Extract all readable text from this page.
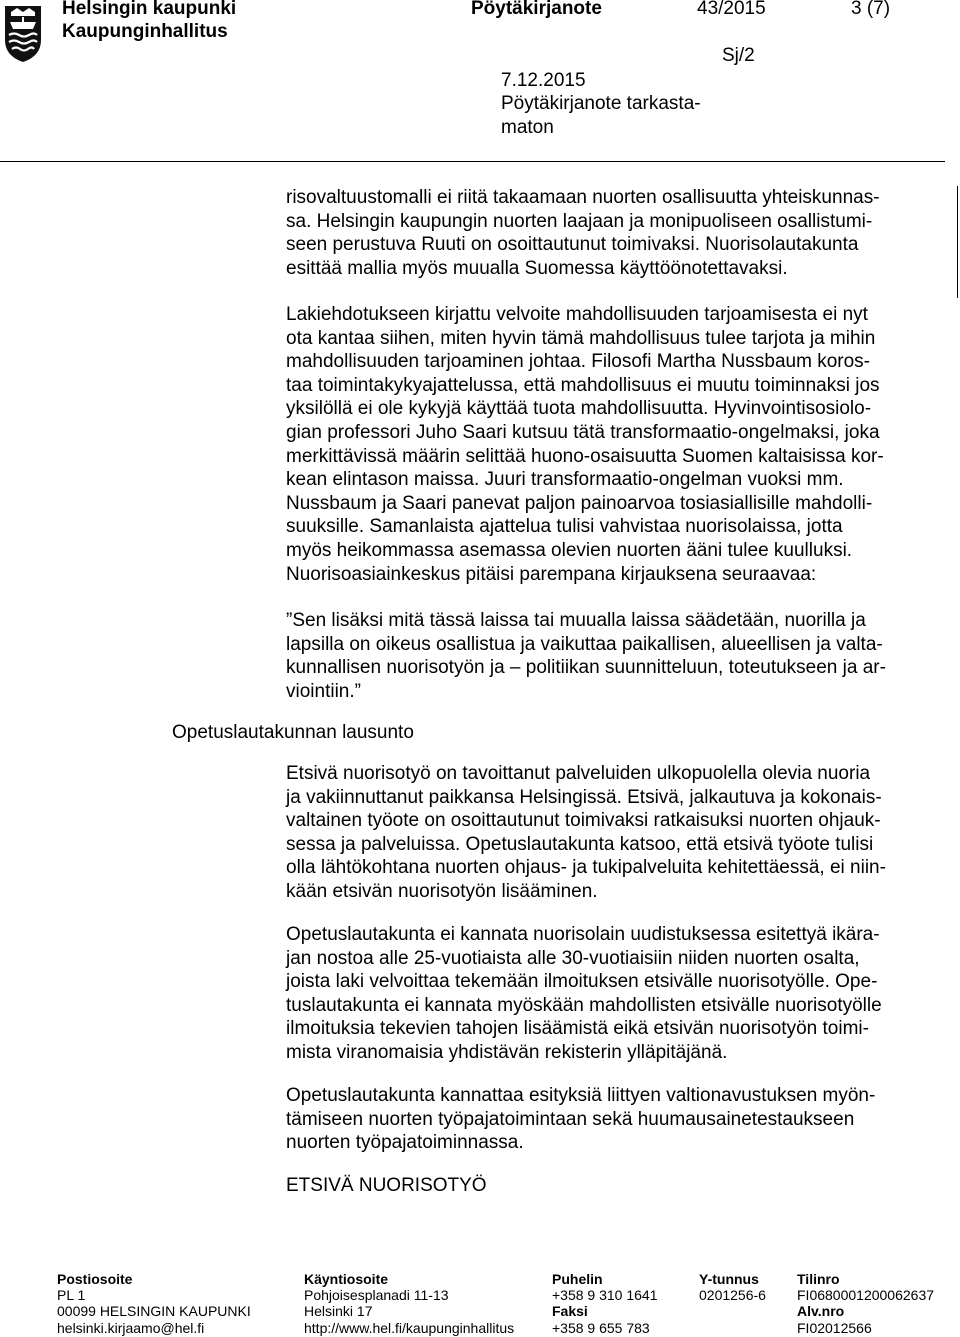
Helsingin kaupunki
Kaupunginhallitus
Pöytäkirjanote	43/2015	3 (7)
Sj/2
7.12.2015
Pöytäkirjanote tarkasta-
maton
risovaltuustomalli ei riitä takaamaan nuorten osallisuutta yhteiskunnas-
sa. Helsingin kaupungin nuorten laajaan ja monipuoliseen osallistumi-
seen perustuva Ruuti on osoittautunut toimivaksi. Nuorisolautakunta
esittää mallia myös muualla Suomessa käyttöönotettavaksi.
Lakiehdotukseen kirjattu velvoite mahdollisuuden tarjoamisesta ei nyt
ota kantaa siihen, miten hyvin tämä mahdollisuus tulee tarjota ja mihin
mahdollisuuden tarjoaminen johtaa. Filosofi Martha Nussbaum koros-
taa toimintakykyajattelussa, että mahdollisuus ei muutu toiminnaksi jos
yksilöllä ei ole kykyjä käyttää tuota mahdollisuutta. Hyvinvointisosiolo-
gian professori Juho Saari kutsuu tätä transformaatio-ongelmaksi, joka
merkittävissä määrin selittää huono-osaisuutta Suomen kaltaisissa kor-
kean elintason maissa. Juuri transformaatio-ongelman vuoksi mm.
Nussbaum ja Saari panevat paljon painoarvoa tosiasiallisille mahdolli-
suuksille. Samanlaista ajattelua tulisi vahvistaa nuorisolaissa, jotta
myös heikommassa asemassa olevien nuorten ääni tulee kuulluksi.
Nuorisoasiainkeskus pitäisi parempana kirjauksena seuraavaa:
”Sen lisäksi mitä tässä laissa tai muualla laissa säädetään, nuorilla ja
lapsilla on oikeus osallistua ja vaikuttaa paikallisen, alueellisen ja valta-
kunnallisen nuorisotyön ja – politiikan suunnitteluun, toteutukseen ja ar-
viointiin.”
Opetuslautakunnan lausunto
Etsivä nuorisotyö on tavoittanut palveluiden ulkopuolella olevia nuoria
ja vakiinnuttanut paikkansa Helsingissä. Etsivä, jalkautuva ja kokonais-
valtainen työote on osoittautunut toimivaksi ratkaisuksi nuorten ohjauk-
sessa ja palveluissa. Opetuslautakunta katsoo, että etsivä työote tulisi
olla lähtökohtana nuorten ohjaus- ja tukipalveluita kehitettäessä, ei niin-
kään etsivän nuorisotyön lisääminen.
Opetuslautakunta ei kannata nuorisolain uudistuksessa esitettyä ikära-
jan nostoa alle 25-vuotiaista alle 30-vuotiaisiin niiden nuorten osalta,
joista laki velvoittaa tekemään ilmoituksen etsivälle nuorisotyölle. Ope-
tuslautakunta ei kannata myöskään mahdollisten etsivälle nuorisotyölle
ilmoituksia tekevien tahojen lisäämistä eikä etsivän nuorisotyön toimi-
mista viranomaisia yhdistävän rekisterin ylläpitäjänä.
Opetuslautakunta kannattaa esityksiä liittyen valtionavustuksen myön-
tämiseen nuorten työpajatoimintaan sekä huumausainetestaukseen
nuorten työpajatoiminnassa.
ETSIVÄ NUORISOTYÖ
Postiosoite
PL 1
00099 HELSINGIN KAUPUNKI
helsinki.kirjaamo@hel.fi
Käyntiosoite
Pohjoisesplanadi 11-13
Helsinki 17
http://www.hel.fi/kaupunginhallitus
Puhelin
+358 9 310 1641
Faksi
+358 9 655 783
Y-tunnus
0201256-6
Tilinro
FI0680001200062637
Alv.nro
FI02012566
